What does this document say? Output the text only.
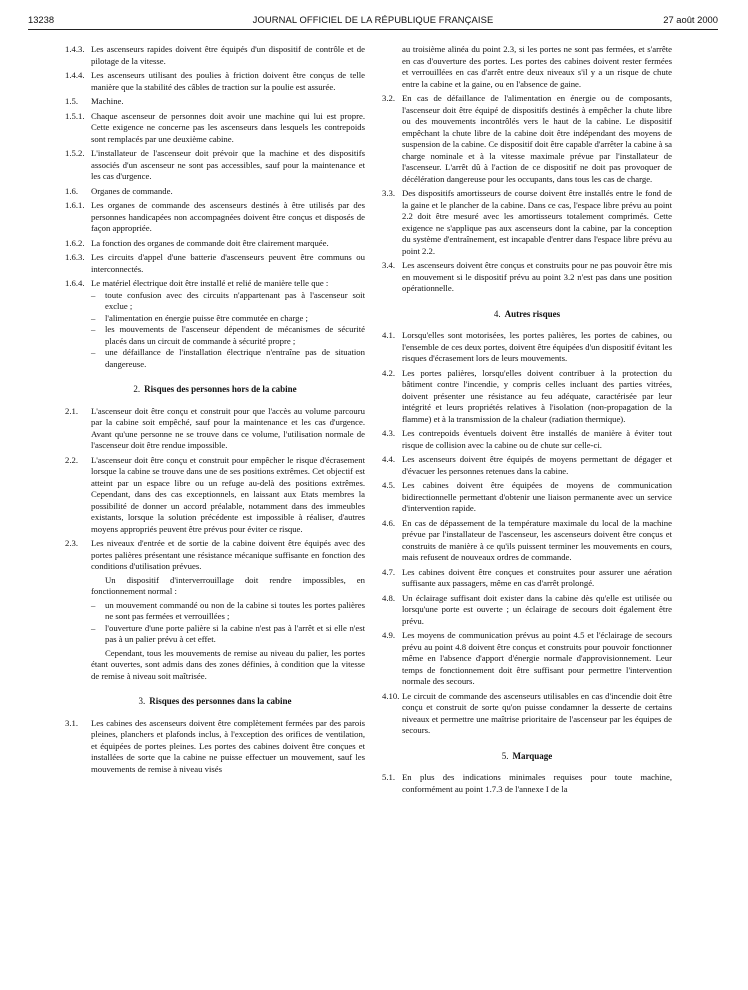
13238	JOURNAL OFFICIEL DE LA RÉPUBLIQUE FRANÇAISE	27 août 2000
1.4.3. Les ascenseurs rapides doivent être équipés d'un dispositif de contrôle et de pilotage de la vitesse.
1.4.4. Les ascenseurs utilisant des poulies à friction doivent être conçus de telle manière que la stabilité des câbles de traction sur la poulie est assurée.
1.5. Machine.
1.5.1. Chaque ascenseur de personnes doit avoir une machine qui lui est propre. Cette exigence ne concerne pas les ascenseurs dans lesquels les contrepoids sont remplacés par une deuxième cabine.
1.5.2. L'installateur de l'ascenseur doit prévoir que la machine et des dispositifs associés d'un ascenseur ne sont pas accessibles, sauf pour la maintenance et les cas d'urgence.
1.6. Organes de commande.
1.6.1. Les organes de commande des ascenseurs destinés à être utilisés par des personnes handicapées non accompagnées doivent être conçus et disposés de façon appropriée.
1.6.2. La fonction des organes de commande doit être clairement marquée.
1.6.3. Les circuits d'appel d'une batterie d'ascenseurs peuvent être communs ou interconnectés.
1.6.4. Le matériel électrique doit être installé et relié de manière telle que :
– toute confusion avec des circuits n'appartenant pas à l'ascenseur soit exclue ;
– l'alimentation en énergie puisse être commutée en charge ;
– les mouvements de l'ascenseur dépendent de mécanismes de sécurité placés dans un circuit de commande à sécurité propre ;
– une défaillance de l'installation électrique n'entraîne pas de situation dangereuse.
2. Risques des personnes hors de la cabine
2.1. L'ascenseur doit être conçu et construit pour que l'accès au volume parcouru par la cabine soit empêché, sauf pour la maintenance et les cas d'urgence. Avant qu'une personne ne se trouve dans ce volume, l'utilisation normale de l'ascenseur doit être rendue impossible.
2.2. L'ascenseur doit être conçu et construit pour empêcher le risque d'écrasement lorsque la cabine se trouve dans une de ses positions extrêmes. Cet objectif est atteint par un espace libre ou un refuge au-delà des positions extrêmes. Cependant, dans des cas exceptionnels, en laissant aux Etats membres la possibilité de donner un accord préalable, notamment dans des immeubles existants, lorsque la solution précédente est impossible à réaliser, d'autres moyens appropriés peuvent être prévus pour éviter ce risque.
2.3. Les niveaux d'entrée et de sortie de la cabine doivent être équipés avec des portes palières présentant une résistance mécanique suffisante en fonction des conditions d'utilisation prévues.
Un dispositif d'interverrouillage doit rendre impossibles, en fonctionnement normal :
– un mouvement commandé ou non de la cabine si toutes les portes palières ne sont pas fermées et verrouillées ;
– l'ouverture d'une porte palière si la cabine n'est pas à l'arrêt et si elle n'est pas à un palier prévu à cet effet.
Cependant, tous les mouvements de remise au niveau du palier, les portes étant ouvertes, sont admis dans des zones définies, à condition que la vitesse de remise à niveau soit maîtrisée.
3. Risques des personnes dans la cabine
3.1. Les cabines des ascenseurs doivent être complètement fermées par des parois pleines, planchers et plafonds inclus, à l'exception des orifices de ventilation, et équipées de portes pleines. Les portes des cabines doivent être conçues et installées de sorte que la cabine ne puisse effectuer un mouvement, sauf les mouvements de remise à niveau visés
au troisième alinéa du point 2.3, si les portes ne sont pas fermées, et s'arrête en cas d'ouverture des portes. Les portes des cabines doivent rester fermées et verrouillées en cas d'arrêt entre deux niveaux s'il y a un risque de chute entre la cabine et la gaine, ou en l'absence de gaine.
3.2. En cas de défaillance de l'alimentation en énergie ou de composants, l'ascenseur doit être équipé de dispositifs destinés à empêcher la chute libre ou des mouvements incontrôlés vers le haut de la cabine. Le dispositif empêchant la chute libre de la cabine doit être indépendant des moyens de suspension de la cabine. Ce dispositif doit être capable d'arrêter la cabine à sa charge nominale et à la vitesse maximale prévue par l'installateur de l'ascenseur. L'arrêt dû à l'action de ce dispositif ne doit pas provoquer de décélération dangereuse pour les occupants, dans tous les cas de charge.
3.3. Des dispositifs amortisseurs de course doivent être installés entre le fond de la gaine et le plancher de la cabine. Dans ce cas, l'espace libre prévu au point 2.2 doit être mesuré avec les amortisseurs totalement comprimés. Cette exigence ne s'applique pas aux ascenseurs dont la cabine, par la conception du système d'entraînement, est incapable d'entrer dans l'espace libre prévu au point 2.2.
3.4. Les ascenseurs doivent être conçus et construits pour ne pas pouvoir être mis en mouvement si le dispositif prévu au point 3.2 n'est pas dans une position opérationnelle.
4. Autres risques
4.1. Lorsqu'elles sont motorisées, les portes palières, les portes de cabines, ou l'ensemble de ces deux portes, doivent être équipées d'un dispositif évitant les risques d'écrasement lors de leurs mouvements.
4.2. Les portes palières, lorsqu'elles doivent contribuer à la protection du bâtiment contre l'incendie, y compris celles incluant des parties vitrées, doivent présenter une résistance au feu adéquate, caractérisée par leur intégrité et leurs propriétés relatives à l'isolation (non-propagation de la flamme) et à la transmission de la chaleur (radiation thermique).
4.3. Les contrepoids éventuels doivent être installés de manière à éviter tout risque de collision avec la cabine ou de chute sur celle-ci.
4.4. Les ascenseurs doivent être équipés de moyens permettant de dégager et d'évacuer les personnes retenues dans la cabine.
4.5. Les cabines doivent être équipées de moyens de communication bidirectionnelle permettant d'obtenir une liaison permanente avec un service d'intervention rapide.
4.6. En cas de dépassement de la température maximale du local de la machine prévue par l'installateur de l'ascenseur, les ascenseurs doivent être conçus et construits de manière à ce qu'ils puissent terminer les mouvements en cours, mais refusent de nouveaux ordres de commande.
4.7. Les cabines doivent être conçues et construites pour assurer une aération suffisante aux passagers, même en cas d'arrêt prolongé.
4.8. Un éclairage suffisant doit exister dans la cabine dès qu'elle est utilisée ou lorsqu'une porte est ouverte ; un éclairage de secours doit également être prévu.
4.9. Les moyens de communication prévus au point 4.5 et l'éclairage de secours prévu au point 4.8 doivent être conçus et construits pour pouvoir fonctionner même en l'absence d'apport d'énergie normale d'approvisionnement. Leur temps de fonctionnement doit être suffisant pour permettre l'intervention normale des secours.
4.10. Le circuit de commande des ascenseurs utilisables en cas d'incendie doit être conçu et construit de sorte qu'on puisse condamner la desserte de certains niveaux et permettre une maîtrise prioritaire de l'ascenseur par les équipes de secours.
5. Marquage
5.1. En plus des indications minimales requises pour toute machine, conformément au point 1.7.3 de l'annexe I de la
